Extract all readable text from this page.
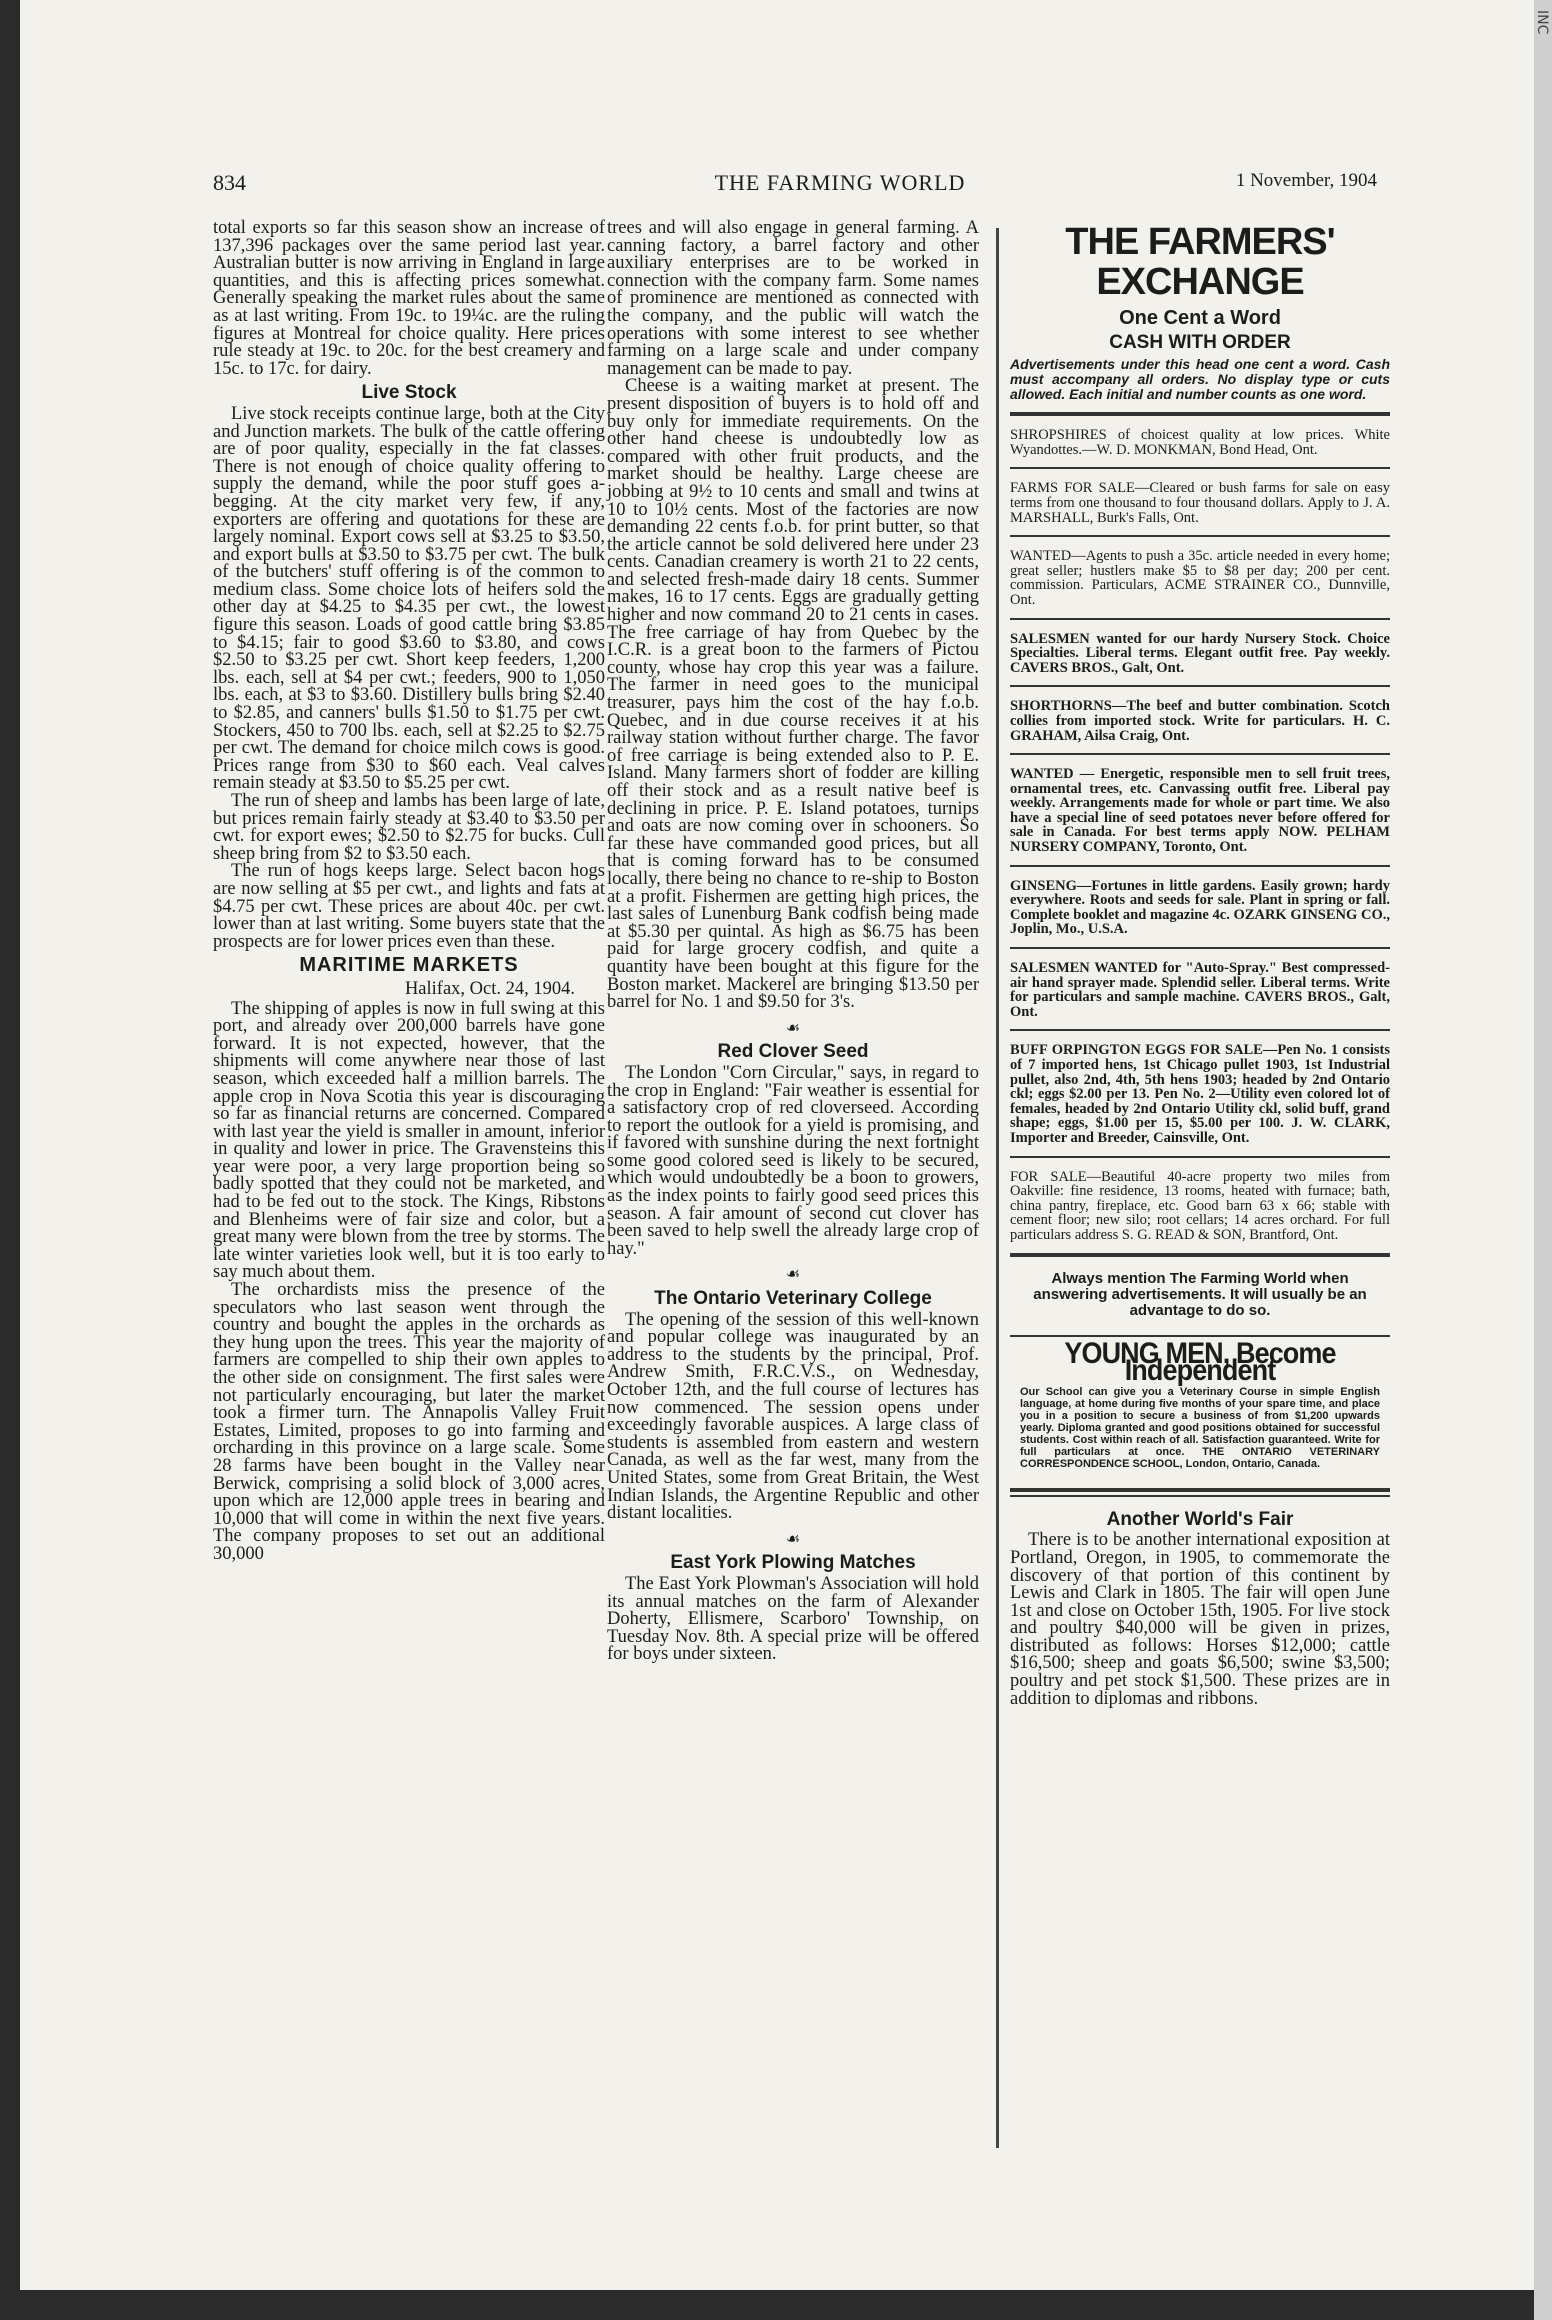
INC
834	THE FARMING WORLD	1 November, 1904

total exports so far this season show an increase of 137,396 packages over the same period last year. Australian butter is now arriving in England in large quantities, and this is affecting prices somewhat. Generally speaking the market rules about the same as at last writing. From 19c. to 19¼c. are the ruling figures at Montreal for choice quality. Here prices rule steady at 19c. to 20c. for the best creamery and 15c. to 17c. for dairy.

Live Stock

Live stock receipts continue large, both at the City and Junction markets. The bulk of the cattle offering are of poor quality, especially in the fat classes. There is not enough of choice quality offering to supply the demand, while the poor stuff goes a-begging. At the city market very few, if any, exporters are offering and quotations for these are largely nominal. Export cows sell at $3.25 to $3.50, and export bulls at $3.50 to $3.75 per cwt. The bulk of the butchers' stuff offering is of the common to medium class. Some choice lots of heifers sold the other day at $4.25 to $4.35 per cwt., the lowest figure this season. Loads of good cattle bring $3.85 to $4.15; fair to good $3.60 to $3.80, and cows $2.50 to $3.25 per cwt. Short keep feeders, 1,200 lbs. each, sell at $4 per cwt.; feeders, 900 to 1,050 lbs. each, at $3 to $3.60. Distillery bulls bring $2.40 to $2.85, and canners' bulls $1.50 to $1.75 per cwt. Stockers, 450 to 700 lbs. each, sell at $2.25 to $2.75 per cwt. The demand for choice milch cows is good. Prices range from $30 to $60 each. Veal calves remain steady at $3.50 to $5.25 per cwt.

The run of sheep and lambs has been large of late, but prices remain fairly steady at $3.40 to $3.50 per cwt. for export ewes; $2.50 to $2.75 for bucks. Cull sheep bring from $2 to $3.50 each.

The run of hogs keeps large. Select bacon hogs are now selling at $5 per cwt., and lights and fats at $4.75 per cwt. These prices are about 40c. per cwt. lower than at last writing. Some buyers state that the prospects are for lower prices even than these.

MARITIME MARKETS
Halifax, Oct. 24, 1904.

The shipping of apples is now in full swing at this port, and already over 200,000 barrels have gone forward. It is not expected, however, that the shipments will come anywhere near those of last season, which exceeded half a million barrels. The apple crop in Nova Scotia this year is discouraging so far as financial returns are concerned. Compared with last year the yield is smaller in amount, inferior in quality and lower in price. The Gravensteins this year were poor, a very large proportion being so badly spotted that they could not be marketed, and had to be fed out to the stock. The Kings, Ribstons and Blenheims were of fair size and color, but a great many were blown from the tree by storms. The late winter varieties look well, but it is too early to say much about them.

The orchardists miss the presence of the speculators who last season went through the country and bought the apples in the orchards as they hung upon the trees. This year the majority of farmers are compelled to ship their own apples to the other side on consignment. The first sales were not particularly encouraging, but later the market took a firmer turn. The Annapolis Valley Fruit Estates, Limited, proposes to go into farming and orcharding in this province on a large scale. Some 28 farms have been bought in the Valley near Berwick, comprising a solid block of 3,000 acres, upon which are 12,000 apple trees in bearing and 10,000 that will come in within the next five years. The company proposes to set out an additional 30,000

trees and will also engage in general farming. A canning factory, a barrel factory and other auxiliary enterprises are to be worked in connection with the company farm. Some names of prominence are mentioned as connected with the company, and the public will watch the operations with some interest to see whether farming on a large scale and under company management can be made to pay.

Cheese is a waiting market at present. The present disposition of buyers is to hold off and buy only for immediate requirements. On the other hand cheese is undoubtedly low as compared with other fruit products, and the market should be healthy. Large cheese are jobbing at 9½ to 10 cents and small and twins at 10 to 10½ cents. Most of the factories are now demanding 22 cents f.o.b. for print butter, so that the article cannot be sold delivered here under 23 cents. Canadian creamery is worth 21 to 22 cents, and selected fresh-made dairy 18 cents. Summer makes, 16 to 17 cents. Eggs are gradually getting higher and now command 20 to 21 cents in cases. The free carriage of hay from Quebec by the I.C.R. is a great boon to the farmers of Pictou county, whose hay crop this year was a failure. The farmer in need goes to the municipal treasurer, pays him the cost of the hay f.o.b. Quebec, and in due course receives it at his railway station without further charge. The favor of free carriage is being extended also to P. E. Island. Many farmers short of fodder are killing off their stock and as a result native beef is declining in price. P. E. Island potatoes, turnips and oats are now coming over in schooners. So far these have commanded good prices, but all that is coming forward has to be consumed locally, there being no chance to re-ship to Boston at a profit. Fishermen are getting high prices, the last sales of Lunenburg Bank codfish being made at $5.30 per quintal. As high as $6.75 has been paid for large grocery codfish, and quite a quantity have been bought at this figure for the Boston market. Mackerel are bringing $13.50 per barrel for No. 1 and $9.50 for 3's.

☙
Red Clover Seed

The London "Corn Circular," says, in regard to the crop in England: "Fair weather is essential for a satisfactory crop of red cloverseed. According to report the outlook for a yield is promising, and if favored with sunshine during the next fortnight some good colored seed is likely to be secured, which would undoubtedly be a boon to growers, as the index points to fairly good seed prices this season. A fair amount of second cut clover has been saved to help swell the already large crop of hay."

☙
The Ontario Veterinary College

The opening of the session of this well-known and popular college was inaugurated by an address to the students by the principal, Prof. Andrew Smith, F.R.C.V.S., on Wednesday, October 12th, and the full course of lectures has now commenced. The session opens under exceedingly favorable auspices. A large class of students is assembled from eastern and western Canada, as well as the far west, many from the United States, some from Great Britain, the West Indian Islands, the Argentine Republic and other distant localities.

☙
East York Plowing Matches

The East York Plowman's Association will hold its annual matches on the farm of Alexander Doherty, Ellismere, Scarboro' Township, on Tuesday Nov. 8th. A special prize will be offered for boys under sixteen.

THE FARMERS' EXCHANGE
One Cent a Word
CASH WITH ORDER
Advertisements under this head one cent a word. Cash must accompany all orders. No display type or cuts allowed. Each initial and number counts as one word.
SHROPSHIRES of choicest quality at low prices. White Wyandottes.—W. D. MONKMAN, Bond Head, Ont.
FARMS FOR SALE—Cleared or bush farms for sale on easy terms from one thousand to four thousand dollars. Apply to J. A. MARSHALL, Burk's Falls, Ont.
WANTED—Agents to push a 35c. article needed in every home; great seller; hustlers make $5 to $8 per day; 200 per cent. commission. Particulars, ACME STRAINER CO., Dunnville, Ont.
SALESMEN wanted for our hardy Nursery Stock. Choice Specialties. Liberal terms. Elegant outfit free. Pay weekly. CAVERS BROS., Galt, Ont.
SHORTHORNS—The beef and butter combination. Scotch collies from imported stock. Write for particulars. H. C. GRAHAM, Ailsa Craig, Ont.
WANTED — Energetic, responsible men to sell fruit trees, ornamental trees, etc. Canvassing outfit free. Liberal pay weekly. Arrangements made for whole or part time. We also have a special line of seed potatoes never before offered for sale in Canada. For best terms apply NOW. PELHAM NURSERY COMPANY, Toronto, Ont.
GINSENG—Fortunes in little gardens. Easily grown; hardy everywhere. Roots and seeds for sale. Plant in spring or fall. Complete booklet and magazine 4c. OZARK GINSENG CO., Joplin, Mo., U.S.A.
SALESMEN WANTED for "Auto-Spray." Best compressed-air hand sprayer made. Splendid seller. Liberal terms. Write for particulars and sample machine. CAVERS BROS., Galt, Ont.
BUFF ORPINGTON EGGS FOR SALE—Pen No. 1 consists of 7 imported hens, 1st Chicago pullet 1903, 1st Industrial pullet, also 2nd, 4th, 5th hens 1903; headed by 2nd Ontario ckl; eggs $2.00 per 13. Pen No. 2—Utility even colored lot of females, headed by 2nd Ontario Utility ckl, solid buff, grand shape; eggs, $1.00 per 15, $5.00 per 100. J. W. CLARK, Importer and Breeder, Cainsville, Ont.
FOR SALE—Beautiful 40-acre property two miles from Oakville: fine residence, 13 rooms, heated with furnace; bath, china pantry, fireplace, etc. Good barn 63 x 66; stable with cement floor; new silo; root cellars; 14 acres orchard. For full particulars address S. G. READ & SON, Brantford, Ont.
Always mention The Farming World when answering advertisements. It will usually be an advantage to do so.
YOUNG MEN, Become Independent
Our School can give you a Veterinary Course in simple English language, at home during five months of your spare time, and place you in a position to secure a business of from $1,200 upwards yearly. Diploma granted and good positions obtained for successful students. Cost within reach of all. Satisfaction guaranteed. Write for full particulars at once. THE ONTARIO VETERINARY CORRESPONDENCE SCHOOL, London, Ontario, Canada.
Another World's Fair

There is to be another international exposition at Portland, Oregon, in 1905, to commemorate the discovery of that portion of this continent by Lewis and Clark in 1805. The fair will open June 1st and close on October 15th, 1905. For live stock and poultry $40,000 will be given in prizes, distributed as follows: Horses $12,000; cattle $16,500; sheep and goats $6,500; swine $3,500; poultry and pet stock $1,500. These prizes are in addition to diplomas and ribbons.
